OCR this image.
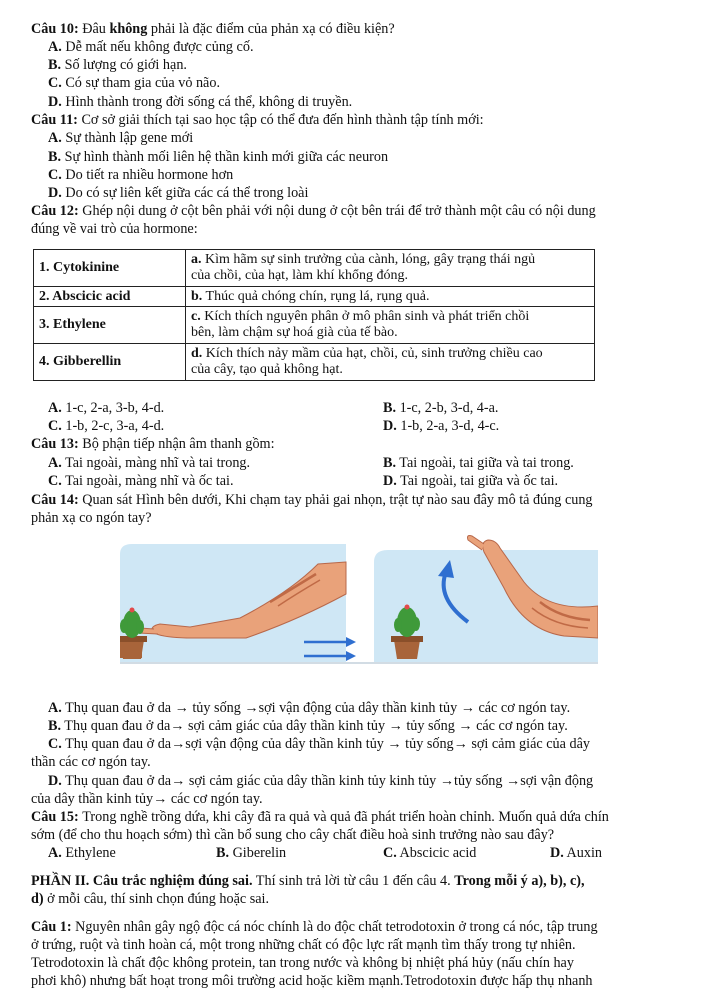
Câu 10: Đâu không phải là đặc điểm của phản xạ có điều kiện?
A. Dễ mất nếu không được củng cố.
B. Số lượng có giới hạn.
C. Có sự tham gia của vỏ não.
D. Hình thành trong đời sống cá thể, không di truyền.
Câu 11: Cơ sở giải thích tại sao học tập có thể đưa đến hình thành tập tính mới:
A. Sự thành lập gene mới
B. Sự hình thành mối liên hệ thần kinh mới giữa các neuron
C. Do tiết ra nhiều hormone hơn
D. Do có sự liên kết giữa các cá thể trong loài
Câu 12: Ghép nội dung ở cột bên phải với nội dung ở cột bên trái để trở thành một câu có nội dung
đúng về vai trò của hormone:
1. Cytokinine	a. Kìm hãm sự sinh trưởng của cành, lóng, gây trạng thái ngủ
của chồi, của hạt, làm khí khổng đóng.
2. Abscicic acid	b. Thúc quả chóng chín, rụng lá, rụng quả.
3. Ethylene	c. Kích thích nguyên phân ở mô phân sinh và phát triển chồi
bên, làm chậm sự hoá già của tế bào.
4. Gibberellin	d. Kích thích nảy mầm của hạt, chồi, củ, sinh trưởng chiều cao
của cây, tạo quả không hạt.
A. 1-c, 2-a, 3-b, 4-d.	B. 1-c, 2-b, 3-d, 4-a.
C. 1-b, 2-c, 3-a, 4-d.	D. 1-b, 2-a, 3-d, 4-c.
Câu 13: Bộ phận tiếp nhận âm thanh gồm:
A. Tai ngoài, màng nhĩ và tai trong.	B. Tai ngoài, tai giữa và tai trong.
C. Tai ngoài, màng nhĩ và ốc tai.	D. Tai ngoài, tai giữa và ốc tai.
Câu 14: Quan sát Hình bên dưới, Khi chạm tay phải gai nhọn, trật tự nào sau đây mô tả đúng cung
phản xạ co ngón tay?
A. Thụ quan đau ở da → tủy sống →sợi vận động của dây thần kinh tủy → các cơ ngón tay.
B. Thụ quan đau ở da→ sợi cảm giác của dây thần kinh tủy → tủy sống → các cơ ngón tay.
C. Thụ quan đau ở da→sợi vận động của dây thần kinh tủy → tủy sống→ sợi cảm giác của dây
thần các cơ ngón tay.
D. Thụ quan đau ở da→ sợi cảm giác của dây thần kinh tủy kinh tủy →tủy sống →sợi vận động
của dây thần kinh tủy→ các cơ ngón tay.
Câu 15: Trong nghề trồng dứa, khi cây đã ra quả và quả đã phát triển hoàn chỉnh. Muốn quả dứa chín
sớm (để cho thu hoạch sớm) thì cần bổ sung cho cây chất điều hoà sinh trưởng nào sau đây?
A. Ethylene	B. Giberelin	C. Abscicic acid	D. Auxin
PHẦN II. Câu trắc nghiệm đúng sai. Thí sinh trả lời từ câu 1 đến câu 4. Trong mỗi ý a), b), c),
d) ở mỗi câu, thí sinh chọn đúng hoặc sai.
Câu 1: Nguyên nhân gây ngộ độc cá nóc chính là do độc chất tetrodotoxin ở trong cá nóc, tập trung
ở trứng, ruột và tinh hoàn cá, một trong những chất có độc lực rất mạnh tìm thấy trong tự nhiên.
Tetrodotoxin là chất độc không protein, tan trong nước và không bị nhiệt phá hủy (nấu chín hay
phơi khô) nhưng bất hoạt trong môi trường acid hoặc kiềm mạnh.Tetrodotoxin được hấp thụ nhanh
